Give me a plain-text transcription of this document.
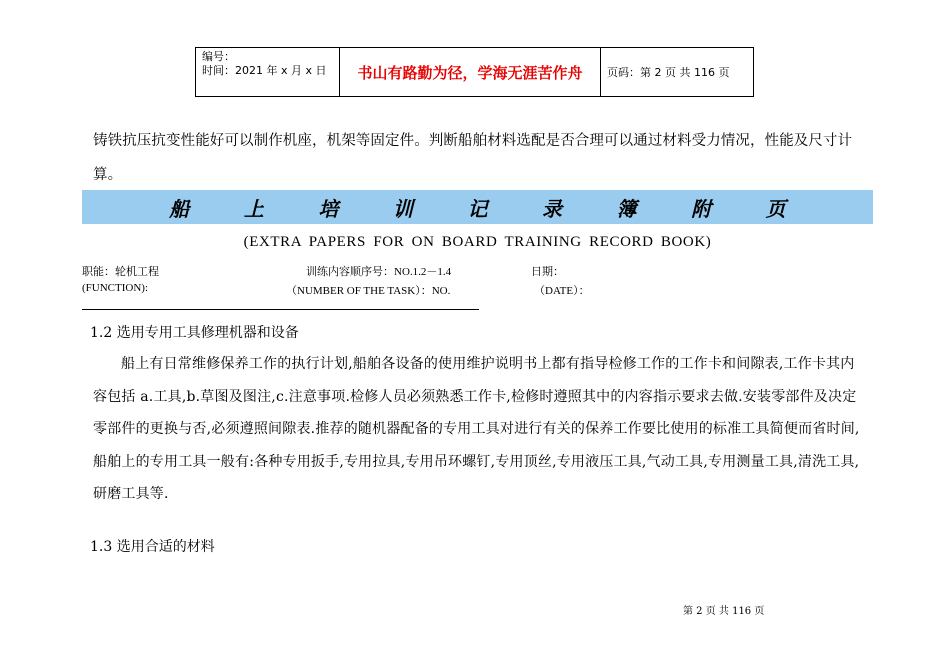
编号：
时间：2021 年 x 月 x 日	书山有路勤为径，学海无涯苦作舟	页码：第 2 页 共 116 页
铸铁抗压抗变性能好可以制作机座，机架等固定件。判断船舶材料选配是否合理可以通过材料受力情况，性能及尺寸计算。
船	上	培	训	记	录	簿	附	页
(EXTRA PAPERS FOR ON BOARD TRAINING RECORD BOOK)
职能：轮机工程	训练内容顺序号：NO.1.2－1.4	日期：
(FUNCTION):	（NUMBER OF THE TASK）：NO.	（DATE）：
1.2 选用专用工具修理机器和设备
船上有日常维修保养工作的执行计划,船舶各设备的使用维护说明书上都有指导检修工作的工作卡和间隙表,工作卡其内容包括 a.工具,b.草图及图注,c.注意事项.检修人员必须熟悉工作卡,检修时遵照其中的内容指示要求去做.安装零部件及决定零部件的更换与否,必须遵照间隙表.推荐的随机器配备的专用工具对进行有关的保养工作要比使用的标准工具简便而省时间,船舶上的专用工具一般有:各种专用扳手,专用拉具,专用吊环螺钉,专用顶丝,专用液压工具,气动工具,专用测量工具,清洗工具,研磨工具等.
1.3 选用合适的材料
第 2 页 共 116 页
